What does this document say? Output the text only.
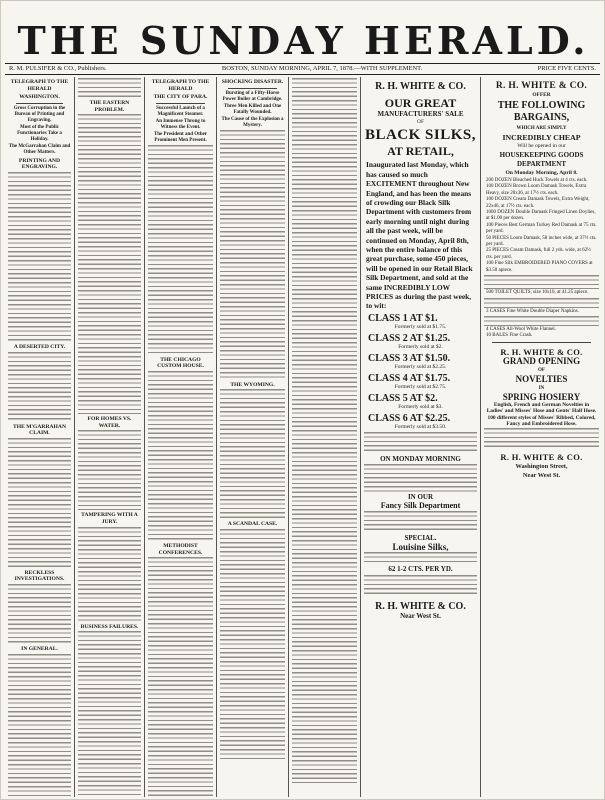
THE SUNDAY HERALD.
R. M. PULSIFER & CO., Publishers.	BOSTON, SUNDAY MORNING, APRIL 7, 1878.—WITH SUPPLEMENT.	PRICE FIVE CENTS.
TELEGRAPH TO THE HERALD
WASHINGTON.
Gross Corruption in the Bureau of Printing and Engraving.
Most of the Public Functionaries Take a Holiday.
The McGarrahan Claim and Other Matters.
PRINTING AND ENGRAVING.
A DESERTED CITY.
THE M'GARRAHAN CLAIM.
RECKLESS INVESTIGATIONS.
IN GENERAL.
THE EASTERN PROBLEM.
FOR HOMES VS. WATER.
TAMPERING WITH A JURY.
BUSINESS FAILURES.
TELEGRAPH TO THE HERALD
THE CITY OF PARA.
Successful Launch of a Magnificent Steamer.
An Immense Throng to Witness the Event.
The President and Other Prominent Men Present.
THE CHICAGO CUSTOM HOUSE.
METHODIST CONFERENCES.
SHOCKING DISASTER.
Bursting of a Fifty-Horse Power Boiler at Cambridge.
Three Men Killed and One Fatally Wounded.
The Cause of the Explosion a Mystery.
THE WYOMING.
A SCANDAL CASE.
R. H. WHITE & CO.
OUR GREAT
MANUFACTURERS' SALE
OF
BLACK SILKS,
AT RETAIL,
Inaugurated last Monday, which has caused so much EXCITEMENT throughout New England, and has been the means of crowding our Black Silk Department with customers from early morning until night during all the past week, will be continued on Monday, April 8th, when the entire balance of this great purchase, some 450 pieces, will be opened in our Retail Black Silk Department, and sold at the same INCREDIBLY LOW PRICES as during the past week, to wit:
CLASS 1 AT $1.
Formerly sold at $1.75.
CLASS 2 AT $1.25.
Formerly sold at $2.
CLASS 3 AT $1.50.
Formerly sold at $2.25.
CLASS 4 AT $1.75.
Formerly sold at $2.75.
CLASS 5 AT $2.
Formerly sold at $3.
CLASS 6 AT $2.25.
Formerly sold at $3.50.
ON MONDAY MORNING
IN OUR
Fancy Silk Department
SPECIAL.
Louisine Silks,
62 1-2 CTS. PER YD.
R. H. WHITE & CO.
Near West St.
R. H. WHITE & CO.
OFFER
THE FOLLOWING
BARGAINS,
WHICH ARE SIMPLY
INCREDIBLY CHEAP
Will be opened in our
HOUSEKEEPING GOODS DEPARTMENT
On Monday Morning, April 8.
200 DOZEN Bleached Huck Towels at 4 cts. each.
100 DOZEN Brown Loom Damask Towels, Extra Heavy, size 20x36, at 17½ cts. each.
100 DOZEN Cream Damask Towels, Extra Weight, 22x46, at 17½ cts. each.
1000 DOZEN Double Damask Fringed Linen Doylies, at $1.00 per dozen.
100 Pieces Best German Turkey Red Damask at 75 cts. per yard.
50 PIECES Loom Damask, 58 inches wide, at 37½ cts. per yard.
25 PIECES Cream Damask, full 2 yds. wide, at 62½ cts. per yard.
100 Fine Silk EMBROIDERED PIANO COVERS at $3.50 apiece.
500 TOILET QUILTS, size 10x10, at 41.25 apiece.
3 CASES Fine White Double Diaper Napkins.
4 CASES All-Wool White Flannel.
10 BALES Fine Crash.
R. H. WHITE & CO.
GRAND OPENING
OF
NOVELTIES
IN
SPRING HOSIERY
English, French and German Novelties in Ladies' and Misses' Hose and Gents' Half Hose.
100 different styles of Misses' Ribbed, Colored, Fancy and Embroidered Hose.
R. H. WHITE & CO.
Washington Street,
Near West St.
